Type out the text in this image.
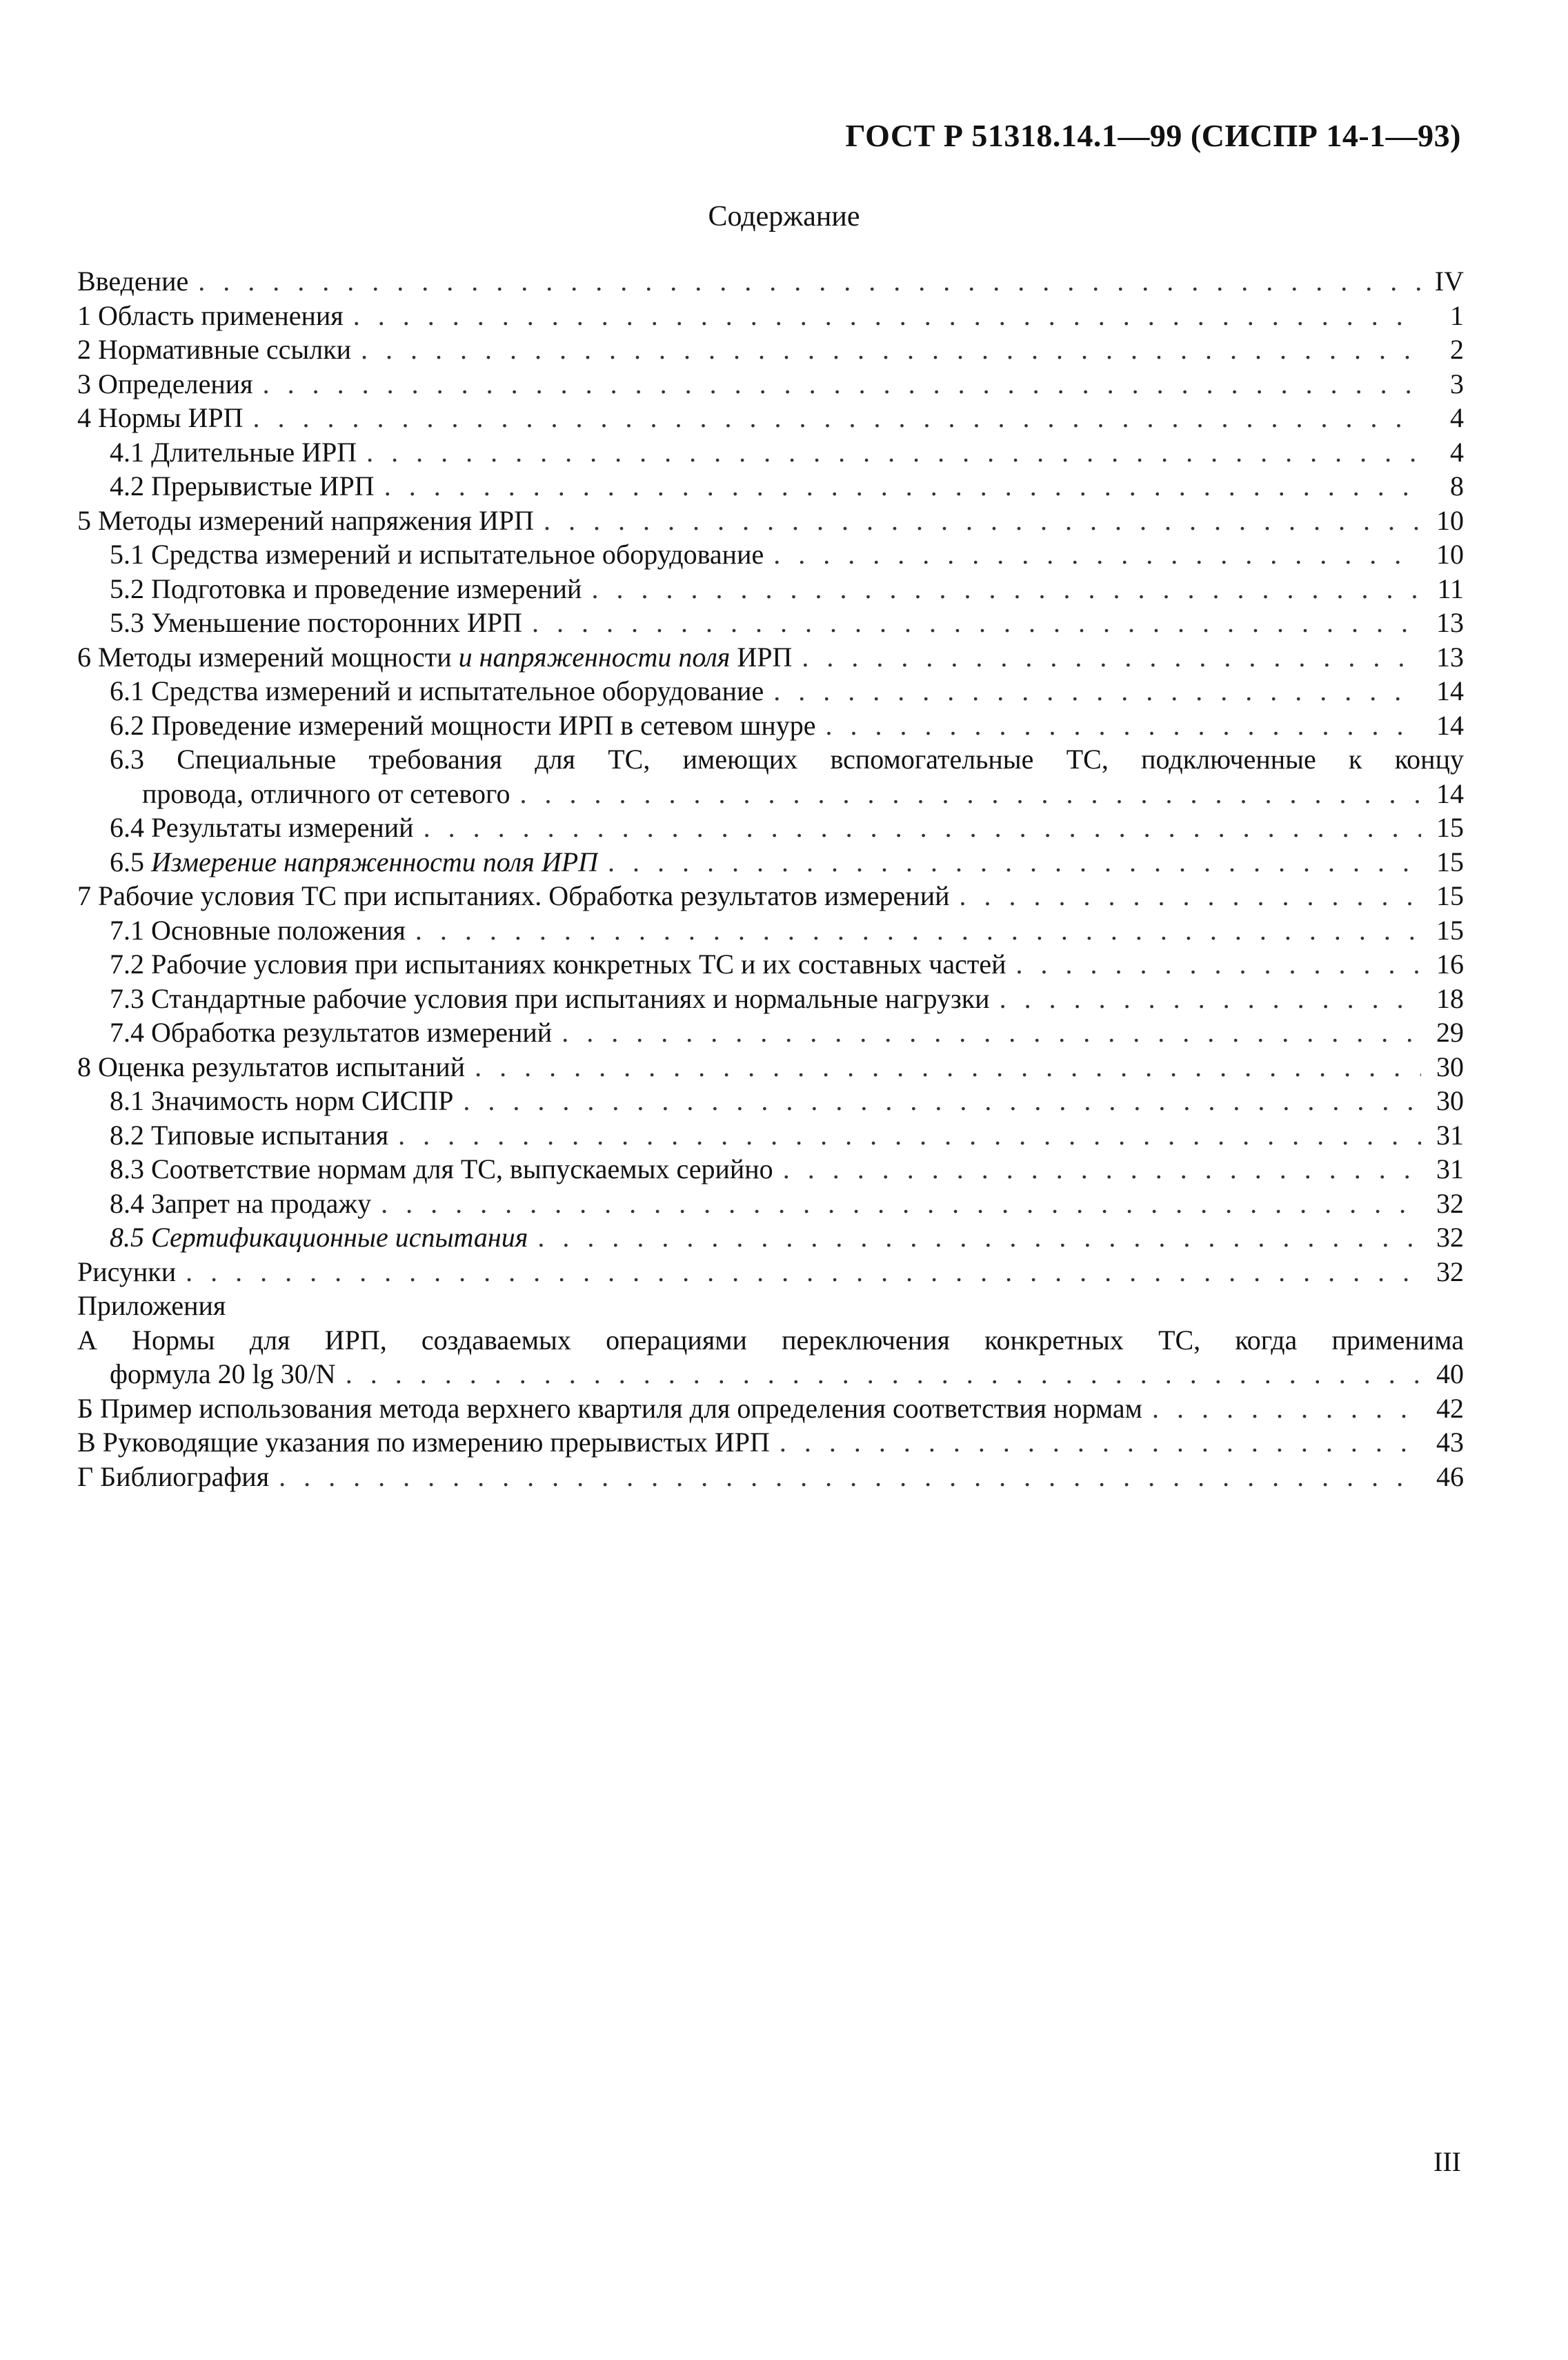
ГОСТ Р 51318.14.1—99 (СИСПР 14-1—93)
Содержание
Введение . . .	IV
1 Область применения . . .	1
2 Нормативные ссылки . . .	2
3 Определения . . .	3
4 Нормы ИРП . . .	4
4.1 Длительные ИРП . . .	4
4.2 Прерывистые ИРП . . .	8
5 Методы измерений напряжения ИРП . . .	10
5.1 Средства измерений и испытательное оборудование . . .	10
5.2 Подготовка и проведение измерений . . .	11
5.3 Уменьшение посторонних ИРП . . .	13
6 Методы измерений мощности и напряженности поля ИРП . . .	13
6.1 Средства измерений и испытательное оборудование . . .	14
6.2 Проведение измерений мощности ИРП в сетевом шнуре . . .	14
6.3 Специальные требования для ТС, имеющих вспомогательные ТС, подключенные к концу
провода, отличного от сетевого . . .	14
6.4 Результаты измерений . . .	15
6.5 Измерение напряженности поля ИРП . . .	15
7 Рабочие условия ТС при испытаниях. Обработка результатов измерений . . .	15
7.1 Основные положения . . .	15
7.2 Рабочие условия при испытаниях конкретных ТС и их составных частей . . .	16
7.3 Стандартные рабочие условия при испытаниях и нормальные нагрузки . . .	18
7.4 Обработка результатов измерений . . .	29
8 Оценка результатов испытаний . . .	30
8.1 Значимость норм СИСПР . . .	30
8.2 Типовые испытания . . .	31
8.3 Соответствие нормам для ТС, выпускаемых серийно . . .	31
8.4 Запрет на продажу . . .	32
8.5 Сертификационные испытания . . .	32
Рисунки . . .	32
Приложения
А Нормы для ИРП, создаваемых операциями переключения конкретных ТС, когда применима
формула 20 lg 30/N . . .	40
Б Пример использования метода верхнего квартиля для определения соответствия нормам . . .	42
В Руководящие указания по измерению прерывистых ИРП . . .	43
Г Библиография . . .	46
III
